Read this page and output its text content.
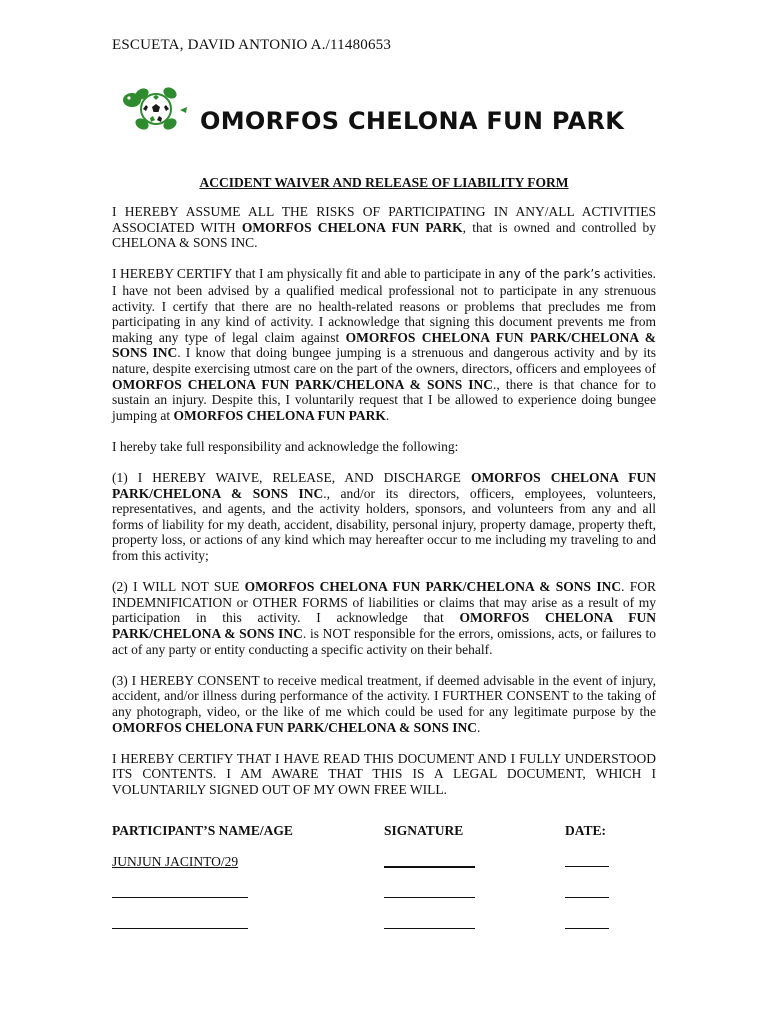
ESCUETA, DAVID ANTONIO A./11480653
OMORFOS CHELONA FUN PARK
ACCIDENT WAIVER AND RELEASE OF LIABILITY FORM

I HEREBY ASSUME ALL THE RISKS OF PARTICIPATING IN ANY/ALL ACTIVITIES ASSOCIATED WITH OMORFOS CHELONA FUN PARK, that is owned and controlled by CHELONA & SONS INC.

I HEREBY CERTIFY that I am physically fit and able to participate in any of the park’s activities. I have not been advised by a qualified medical professional not to participate in any strenuous activity. I certify that there are no health-related reasons or problems that precludes me from participating in any kind of activity. I acknowledge that signing this document prevents me from making any type of legal claim against OMORFOS CHELONA FUN PARK/CHELONA & SONS INC. I know that doing bungee jumping is a strenuous and dangerous activity and by its nature, despite exercising utmost care on the part of the owners, directors, officers and employees of OMORFOS CHELONA FUN PARK/CHELONA & SONS INC., there is that chance for to sustain an injury. Despite this, I voluntarily request that I be allowed to experience doing bungee jumping at OMORFOS CHELONA FUN PARK.

I hereby take full responsibility and acknowledge the following:

(1) I HEREBY WAIVE, RELEASE, AND DISCHARGE OMORFOS CHELONA FUN PARK/CHELONA & SONS INC., and/or its directors, officers, employees, volunteers, representatives, and agents, and the activity holders, sponsors, and volunteers from any and all forms of liability for my death, accident, disability, personal injury, property damage, property theft, property loss, or actions of any kind which may hereafter occur to me including my traveling to and from this activity;

(2) I WILL NOT SUE OMORFOS CHELONA FUN PARK/CHELONA & SONS INC. FOR INDEMNIFICATION or OTHER FORMS of liabilities or claims that may arise as a result of my participation in this activity. I acknowledge that OMORFOS CHELONA FUN PARK/CHELONA & SONS INC. is NOT responsible for the errors, omissions, acts, or failures to act of any party or entity conducting a specific activity on their behalf.

(3) I HEREBY CONSENT to receive medical treatment, if deemed advisable in the event of injury, accident, and/or illness during performance of the activity. I FURTHER CONSENT to the taking of any photograph, video, or the like of me which could be used for any legitimate purpose by the OMORFOS CHELONA FUN PARK/CHELONA & SONS INC.

I HEREBY CERTIFY THAT I HAVE READ THIS DOCUMENT AND I FULLY UNDERSTOOD ITS CONTENTS. I AM AWARE THAT THIS IS A LEGAL DOCUMENT, WHICH I VOLUNTARILY SIGNED OUT OF MY OWN FREE WILL.

PARTICIPANT’S NAME/AGE	SIGNATURE	DATE:
JUNJUN JACINTO/29
